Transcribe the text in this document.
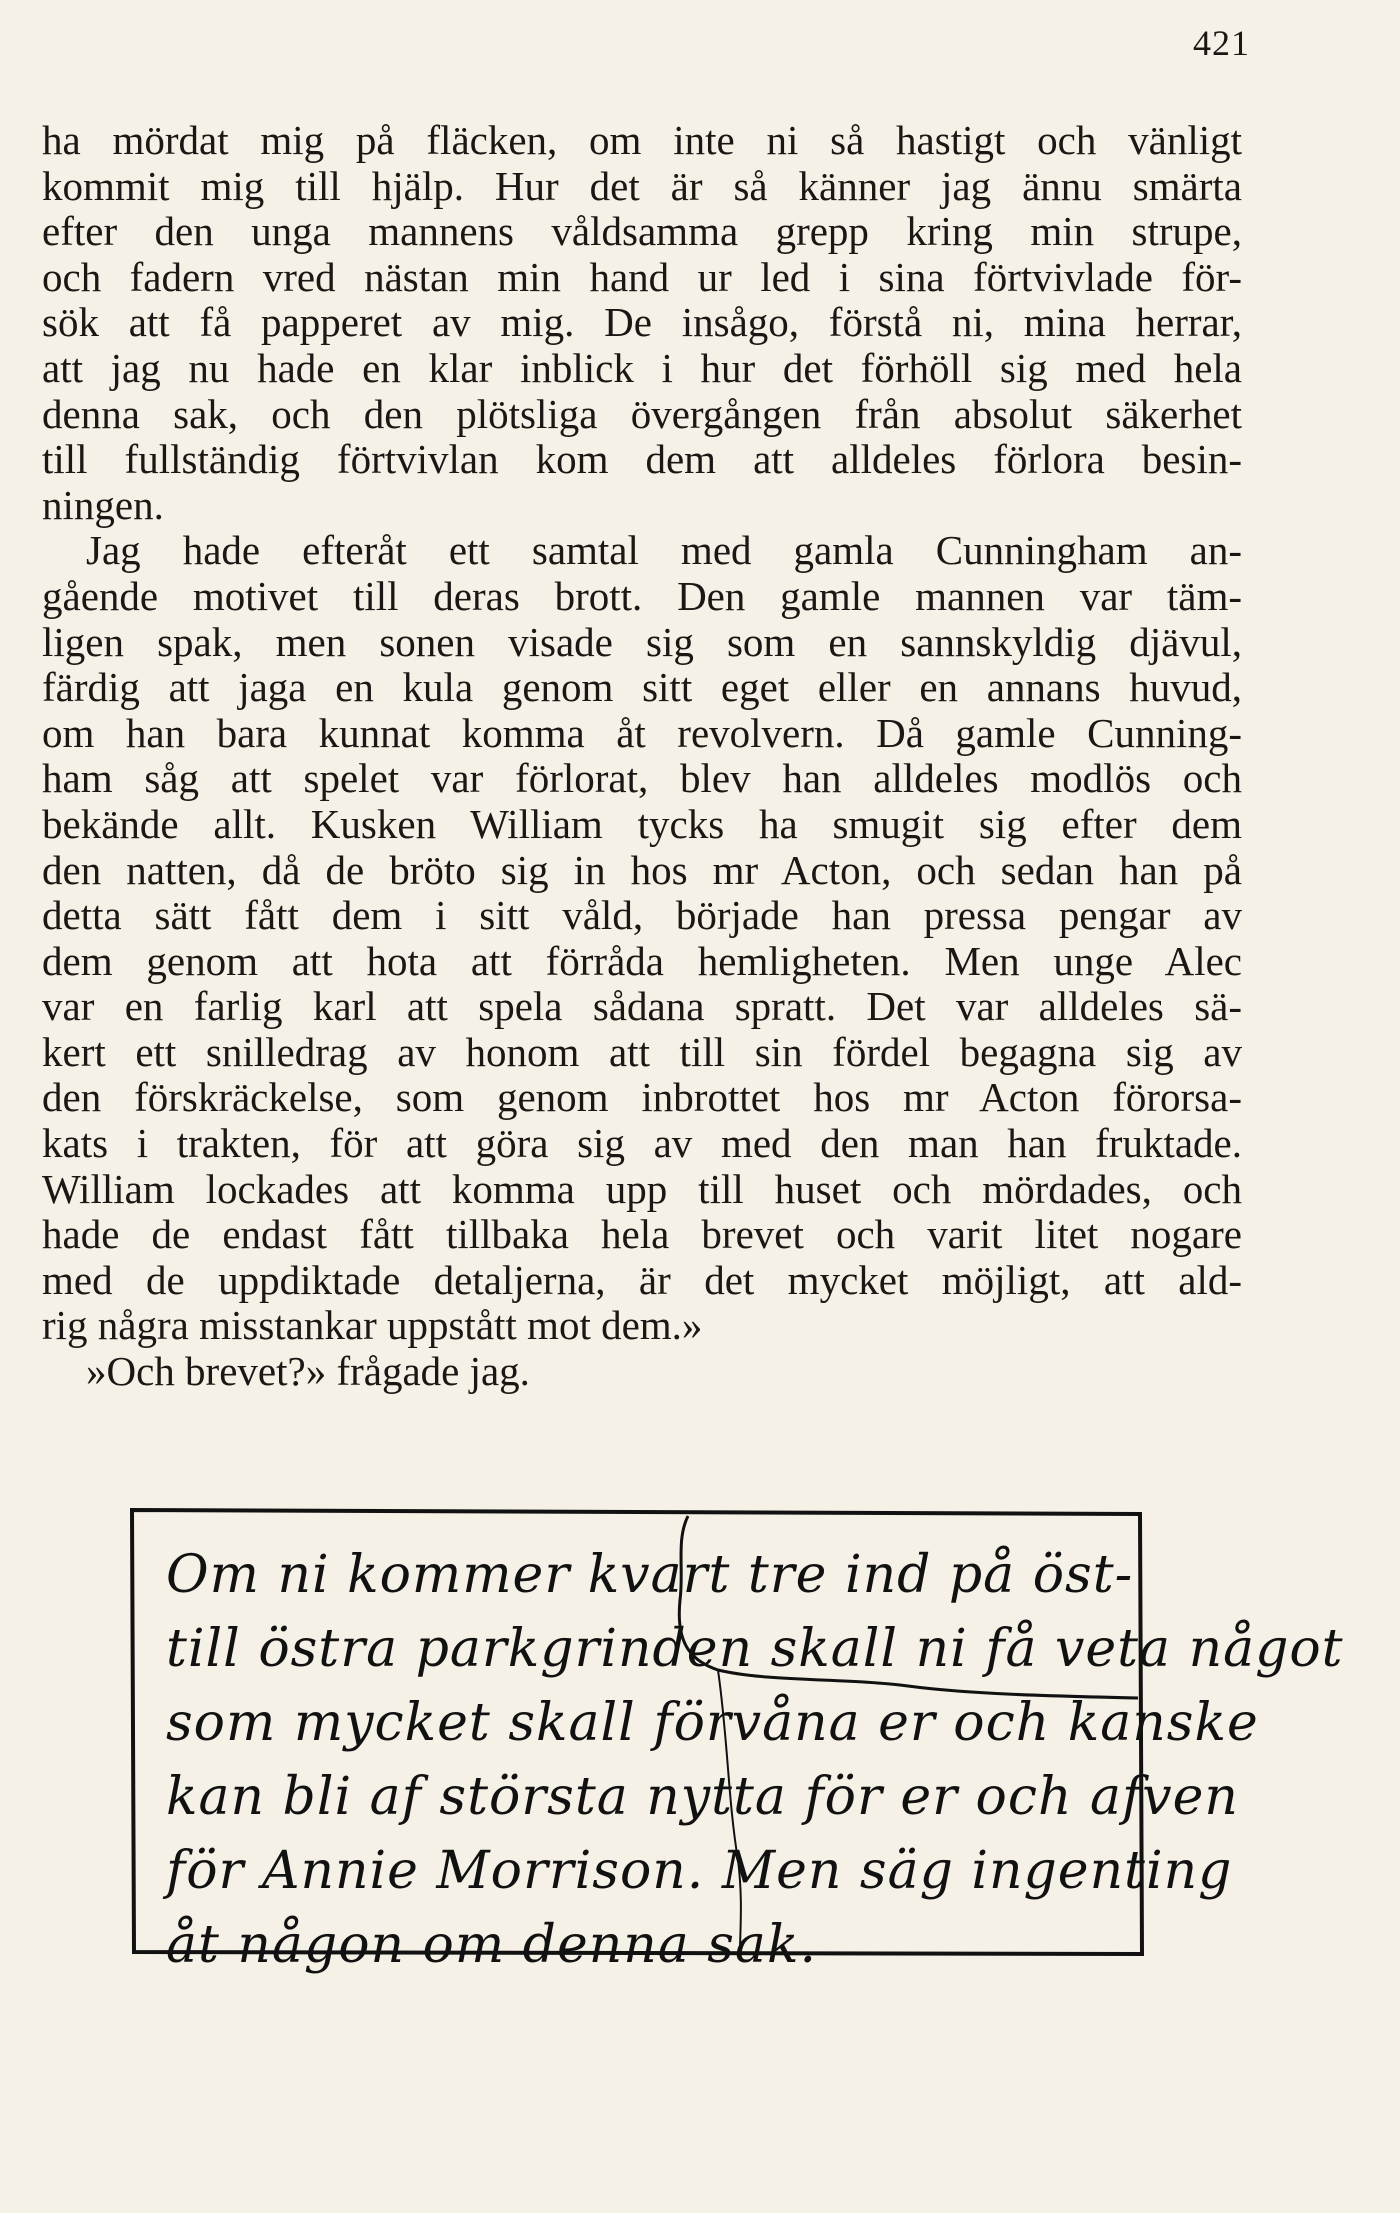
421
ha mördat mig på fläcken, om inte ni så hastigt och vänligt
kommit mig till hjälp. Hur det är så känner jag ännu smärta
efter den unga mannens våldsamma grepp kring min strupe,
och fadern vred nästan min hand ur led i sina förtvivlade för-
sök att få papperet av mig. De insågo, förstå ni, mina herrar,
att jag nu hade en klar inblick i hur det förhöll sig med hela
denna sak, och den plötsliga övergången från absolut säkerhet
till fullständig förtvivlan kom dem att alldeles förlora besin-
ningen.
Jag hade efteråt ett samtal med gamla Cunningham an-
gående motivet till deras brott. Den gamle mannen var täm-
ligen spak, men sonen visade sig som en sannskyldig djävul,
färdig att jaga en kula genom sitt eget eller en annans huvud,
om han bara kunnat komma åt revolvern. Då gamle Cunning-
ham såg att spelet var förlorat, blev han alldeles modlös och
bekände allt. Kusken William tycks ha smugit sig efter dem
den natten, då de bröto sig in hos mr Acton, och sedan han på
detta sätt fått dem i sitt våld, började han pressa pengar av
dem genom att hota att förråda hemligheten. Men unge Alec
var en farlig karl att spela sådana spratt. Det var alldeles sä-
kert ett snilledrag av honom att till sin fördel begagna sig av
den förskräckelse, som genom inbrottet hos mr Acton förorsa-
kats i trakten, för att göra sig av med den man han fruktade.
William lockades att komma upp till huset och mördades, och
hade de endast fått tillbaka hela brevet och varit litet nogare
med de uppdiktade detaljerna, är det mycket möjligt, att ald-
rig några misstankar uppstått mot dem.»
»Och brevet?» frågade jag.
Om ni kommer kvart tre ind på öst-
till östra parkgrinden skall ni få veta något
som mycket skall förvåna er och kanske
kan bli af största nytta för er och afven
för Annie Morrison. Men säg ingenting
åt någon om denna sak.
